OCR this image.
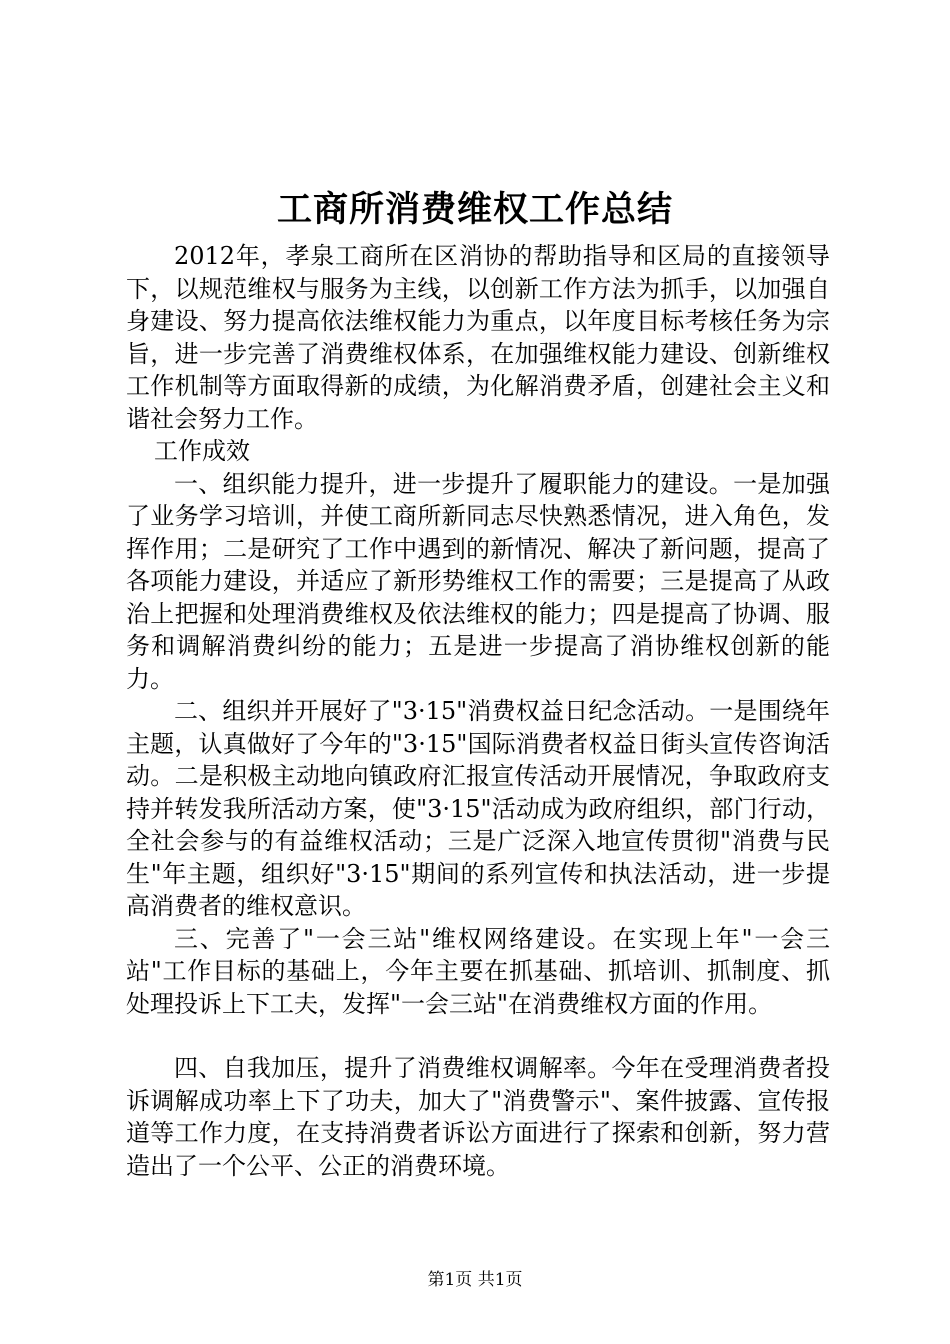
工商所消费维权工作总结

2012年，孝泉工商所在区消协的帮助指导和区局的直接领导下，以规范维权与服务为主线，以创新工作方法为抓手，以加强自身建设、努力提高依法维权能力为重点，以年度目标考核任务为宗旨，进一步完善了消费维权体系，在加强维权能力建设、创新维权工作机制等方面取得新的成绩，为化解消费矛盾，创建社会主义和谐社会努力工作。

工作成效

一、组织能力提升，进一步提升了履职能力的建设。一是加强了业务学习培训，并使工商所新同志尽快熟悉情况，进入角色，发挥作用；二是研究了工作中遇到的新情况、解决了新问题，提高了各项能力建设，并适应了新形势维权工作的需要；三是提高了从政治上把握和处理消费维权及依法维权的能力；四是提高了协调、服务和调解消费纠纷的能力；五是进一步提高了消协维权创新的能力。

二、组织并开展好了"3·15"消费权益日纪念活动。一是围绕年主题，认真做好了今年的"3·15"国际消费者权益日街头宣传咨询活动。二是积极主动地向镇政府汇报宣传活动开展情况，争取政府支持并转发我所活动方案，使"3·15"活动成为政府组织，部门行动，全社会参与的有益维权活动；三是广泛深入地宣传贯彻"消费与民生"年主题，组织好"3·15"期间的系列宣传和执法活动，进一步提高消费者的维权意识。

三、完善了"一会三站"维权网络建设。在实现上年"一会三站"工作目标的基础上，今年主要在抓基础、抓培训、抓制度、抓处理投诉上下工夫，发挥"一会三站"在消费维权方面的作用。

四、自我加压，提升了消费维权调解率。今年在受理消费者投诉调解成功率上下了功夫，加大了"消费警示"、案件披露、宣传报道等工作力度，在支持消费者诉讼方面进行了探索和创新，努力营造出了一个公平、公正的消费环境。

第1页 共1页
